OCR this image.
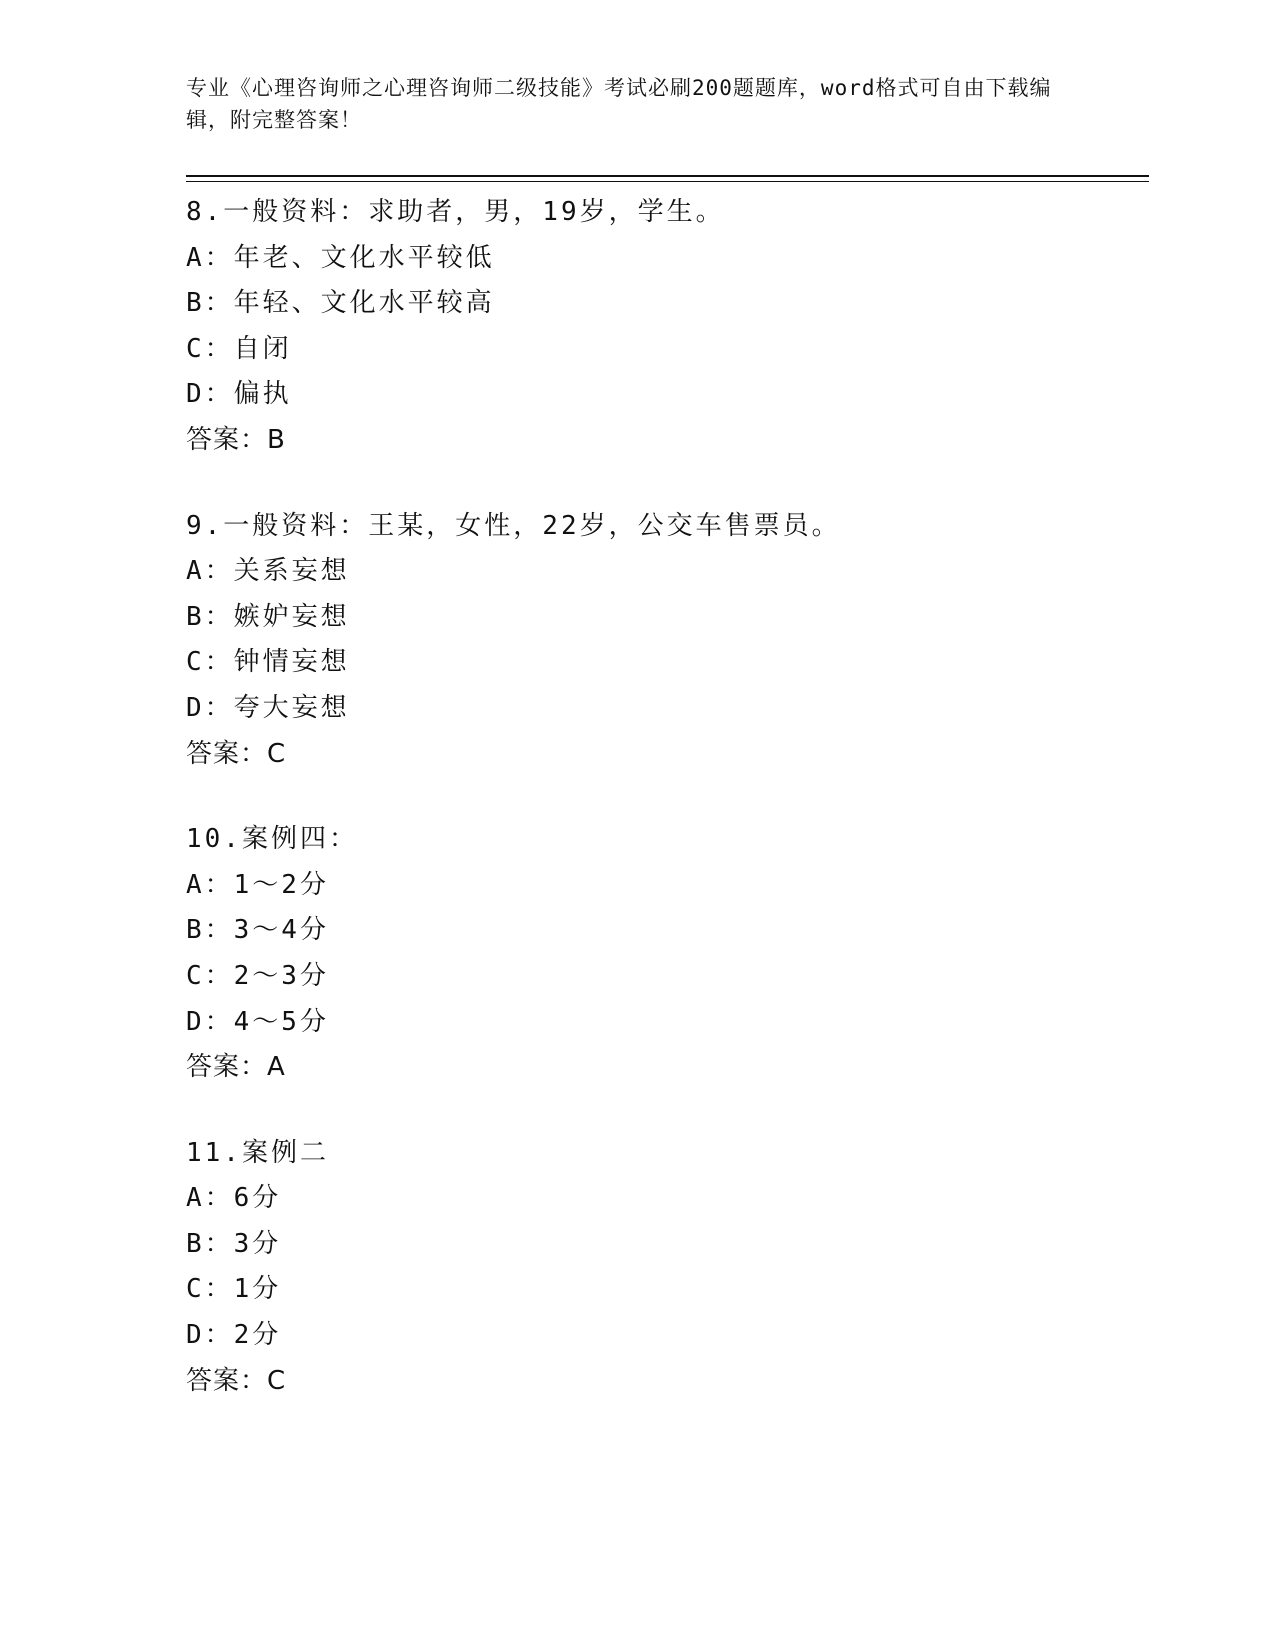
专业《心理咨询师之心理咨询师二级技能》考试必刷200题题库，word格式可自由下载编辑，附完整答案！
8.一般资料：求助者，男，19岁，学生。
A：年老、文化水平较低
B：年轻、文化水平较高
C：自闭
D：偏执
答案：B
9.一般资料：王某，女性，22岁，公交车售票员。
A：关系妄想
B：嫉妒妄想
C：钟情妄想
D：夸大妄想
答案：C
10.案例四：
A：1～2分
B：3～4分
C：2～3分
D：4～5分
答案：A
11.案例二
A：6分
B：3分
C：1分
D：2分
答案：C
